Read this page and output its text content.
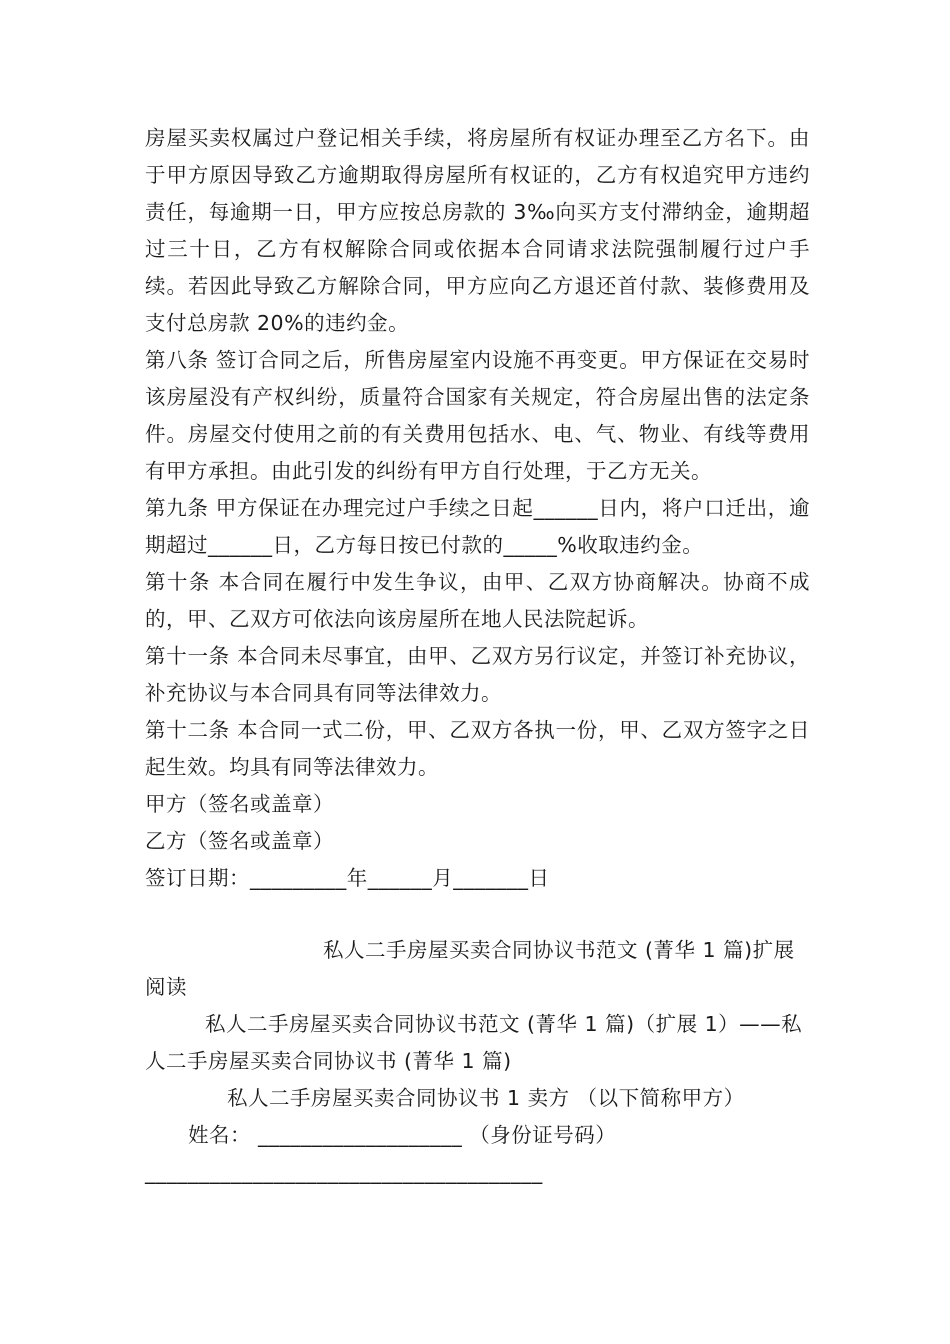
房屋买卖权属过户登记相关手续，将房屋所有权证办理至乙方名下。由于甲方原因导致乙方逾期取得房屋所有权证的，乙方有权追究甲方违约责任，每逾期一日，甲方应按总房款的 3‰向买方支付滞纳金，逾期超过三十日，乙方有权解除合同或依据本合同请求法院强制履行过户手续。若因此导致乙方解除合同，甲方应向乙方退还首付款、装修费用及支付总房款 20%的违约金。

第八条 签订合同之后，所售房屋室内设施不再变更。甲方保证在交易时该房屋没有产权纠纷，质量符合国家有关规定，符合房屋出售的法定条件。房屋交付使用之前的有关费用包括水、电、气、物业、有线等费用有甲方承担。由此引发的纠纷有甲方自行处理，于乙方无关。

第九条 甲方保证在办理完过户手续之日起______日内，将户口迁出，逾期超过______日，乙方每日按已付款的_____%收取违约金。

第十条 本合同在履行中发生争议，由甲、乙双方协商解决。协商不成的，甲、乙双方可依法向该房屋所在地人民法院起诉。

第十一条 本合同未尽事宜，由甲、乙双方另行议定，并签订补充协议，补充协议与本合同具有同等法律效力。

第十二条 本合同一式二份，甲、乙双方各执一份，甲、乙双方签字之日起生效。均具有同等法律效力。

甲方（签名或盖章）

乙方（签名或盖章）

签订日期：_________年______月_______日

私人二手房屋买卖合同协议书范文 (菁华 1 篇)扩展阅读
私人二手房屋买卖合同协议书范文 (菁华 1 篇)（扩展 1）——私人二手房屋买卖合同协议书 (菁华 1 篇)
私人二手房屋买卖合同协议书 1 卖方 （以下简称甲方）
姓名： ___________________ （身份证号码）_____________________________________
